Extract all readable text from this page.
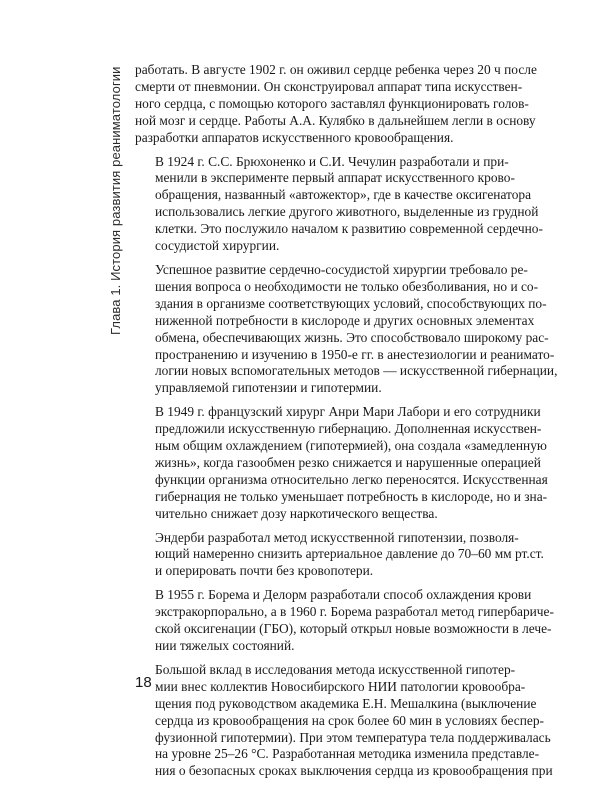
Глава 1. История развития реаниматологии работать. В августе 1902 г. он оживил сердце ребенка через 20 ч после
смерти от пневмонии. Он сконструировал аппарат типа искусствен-
ного сердца, с помощью которого заставлял функционировать голов-
ной мозг и сердце. Работы А.А. Кулябко в дальнейшем легли в основу
разработки аппаратов искусственного кровообращения.

В 1924 г. С.С. Брюхоненко и С.И. Чечулин разработали и при-
менили в эксперименте первый аппарат искусственного крово-
обращения, названный «автожектор», где в качестве оксигенатора
использовались легкие другого животного, выделенные из грудной
клетки. Это послужило началом к развитию современной сердечно-
сосудистой хирургии.

Успешное развитие сердечно-сосудистой хирургии требовало ре-
шения вопроса о необходимости не только обезболивания, но и со-
здания в организме соответствующих условий, способствующих по-
ниженной потребности в кислороде и других основных элементах
обмена, обеспечивающих жизнь. Это способствовало широкому рас-
пространению и изучению в 1950-е гг. в анестезиологии и реанимато-
логии новых вспомогательных методов — искусственной гибернации,
управляемой гипотензии и гипотермии.

В 1949 г. французский хирург Анри Мари Лабори и его сотрудники
предложили искусственную гибернацию. Дополненная искусствен-
ным общим охлаждением (гипотермией), она создала «замедленную
жизнь», когда газообмен резко снижается и нарушенные операцией
функции организма относительно легко переносятся. Искусственная
гибернация не только уменьшает потребность в кислороде, но и зна-
чительно снижает дозу наркотического вещества.

Эндерби разработал метод искусственной гипотензии, позволя-
ющий намеренно снизить артериальное давление до 70–60 мм рт.ст.
и оперировать почти без кровопотери.

В 1955 г. Борема и Делорм разработали способ охлаждения крови
экстракорпорально, а в 1960 г. Борема разработал метод гипербариче-
ской оксигенации (ГБО), который открыл новые возможности в лече-
нии тяжелых состояний.

Большой вклад в исследования метода искусственной гипотер-
мии внес коллектив Новосибирского НИИ патологии кровообра-
щения под руководством академика Е.Н. Мешалкина (выключение
сердца из кровообращения на срок более 60 мин в условиях беспер-
фузионной гипотермии). При этом температура тела поддерживалась
на уровне 25–26 °С. Разработанная методика изменила представле-
ния о безопасных сроках выключения сердца из кровообращения при

18
